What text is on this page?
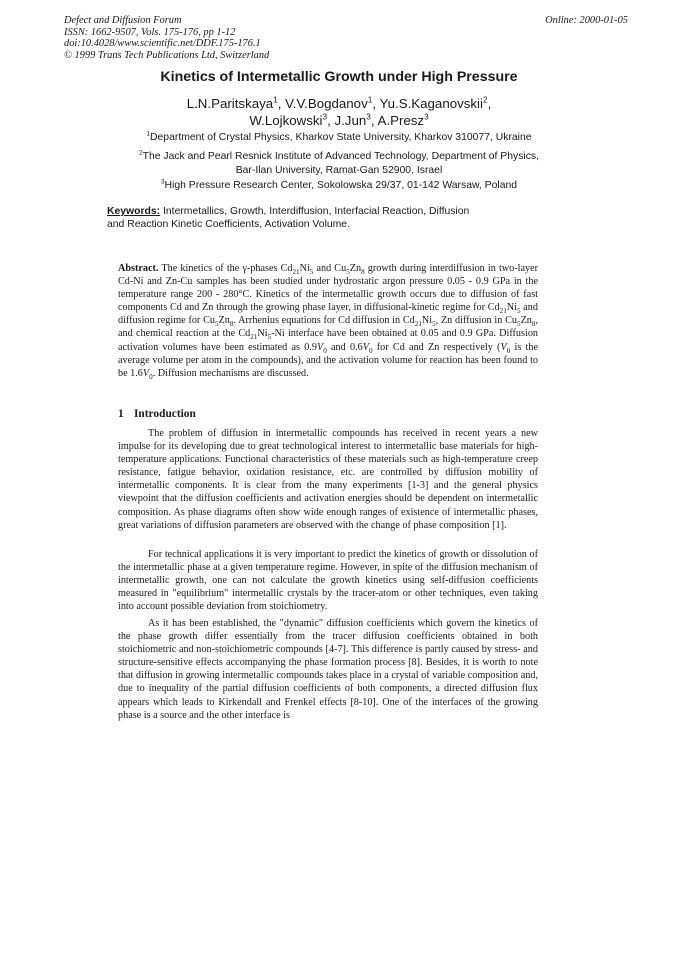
Defect and Diffusion Forum
ISSN: 1662-9507, Vols. 175-176, pp 1-12
doi:10.4028/www.scientific.net/DDF.175-176.1
© 1999 Trans Tech Publications Ltd, Switzerland
Online: 2000-01-05
Kinetics of Intermetallic Growth under High Pressure
L.N.Paritskaya$^1$, V.V.Bogdanov$^1$, Yu.S.Kaganovskii$^2$,
W.Lojkowski$^3$, J.Jun$^3$, A.Presz$^3$
$^1$Department of Crystal Physics, Kharkov State University, Kharkov 310077, Ukraine
$^2$The Jack and Pearl Resnick Institute of Advanced Technology, Department of Physics,
Bar-Ilan University, Ramat-Gan 52900, Israel
$^3$High Pressure Research Center, Sokolowska 29/37, 01-142 Warsaw, Poland
Keywords: Intermetallics, Growth, Interdiffusion, Interfacial Reaction, Diffusion and Reaction Kinetic Coefficients, Activation Volume.
Abstract. The kinetics of the γ-phases $Cd_{21}Ni_5$ and $Cu_5Zn_8$ growth during interdiffusion in two-layer Cd-Ni and Zn-Cu samples has been studied under hydrostatic argon pressure 0.05 - 0.9 GPa in the temperature range 200 - 280°C. Kinetics of the intermetallic growth occurs due to diffusion of fast components Cd and Zn through the growing phase layer, in diffusional-kinetic regime for $Cd_{21}Ni_5$ and diffusion regime for $Cu_5Zn_8$. Arrhenius equations for Cd diffusion in $Cd_{21}Ni_5$, Zn diffusion in $Cu_5Zn_8$, and chemical reaction at the $Cd_{21}Ni_5-Ni$ interface have been obtained at 0.05 and 0.9 GPa. Diffusion activation volumes have been estimated as $0.9V_0$ and $0.6V_0$ for Cd and Zn respectively ($V_0$ is the average volume per atom in the compounds), and the activation volume for reaction has been found to be $1.6V_0$. Diffusion mechanisms are discussed.
1 Introduction
The problem of diffusion in intermetallic compounds has received in recent years a new impulse for its developing due to great technological interest to intermetallic base materials for high-temperature applications. Functional characteristics of these materials such as high-temperature creep resistance, fatigue behavior, oxidation resistance, etc. are controlled by diffusion mobility of intermetallic components. It is clear from the many experiments [1-3] and the general physics viewpoint that the diffusion coefficients and activation energies should be dependent on intermetallic composition. As phase diagrams often show wide enough ranges of existence of intermetallic phases, great variations of diffusion parameters are observed with the change of phase composition [1].
For technical applications it is very important to predict the kinetics of growth or dissolution of the intermetallic phase at a given temperature regime. However, in spite of the diffusion mechanism of intermetallic growth, one can not calculate the growth kinetics using self-diffusion coefficients measured in "equilibrium" intermetallic crystals by the tracer-atom or other techniques, even taking into account possible deviation from stoichiometry.
As it has been established, the "dynamic" diffusion coefficients which govern the kinetics of the phase growth differ essentially from the tracer diffusion coefficients obtained in both stoichiometric and non-stoichiometric compounds [4-7]. This difference is partly caused by stress- and structure-sensitive effects accompanying the phase formation process [8]. Besides, it is worth to note that diffusion in growing intermetallic compounds takes place in a crystal of variable composition and, due to inequality of the partial diffusion coefficients of both components, a directed diffusion flux appears which leads to Kirkendall and Frenkel effects [8-10]. One of the interfaces of the growing phase is a source and the other interface is
